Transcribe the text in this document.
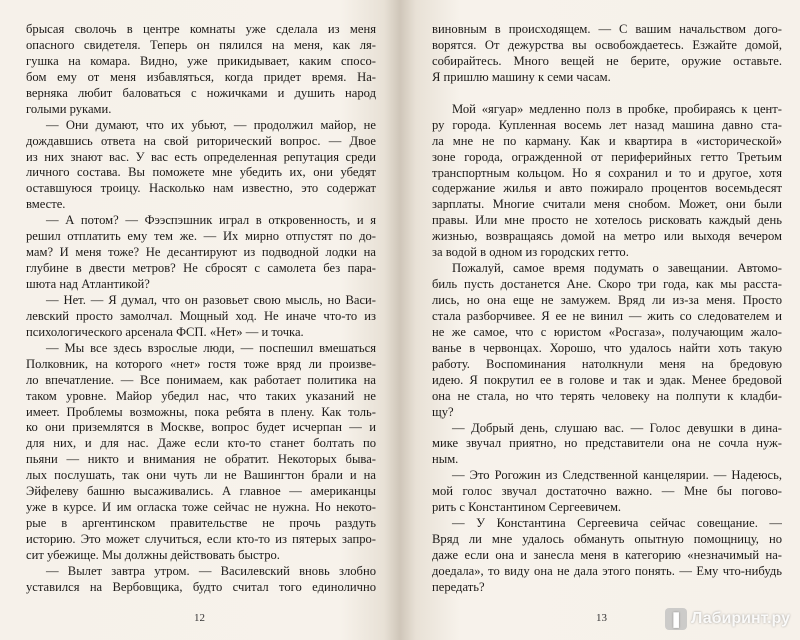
брысая сволочь в центре комнаты уже сделала из меня
опасного свидетеля. Теперь он пялился на меня, как ля-
гушка на комара. Видно, уже прикидывает, каким спосо-
бом ему от меня избавляться, когда придет время. На-
верняка любит баловаться с ножичками и душить народ
голыми руками.
— Они думают, что их убьют, — продолжил майор, не
дождавшись ответа на свой риторический вопрос. — Двое
из них знают вас. У вас есть определенная репутация среди
личного состава. Вы поможете мне убедить их, они убедят
оставшуюся троицу. Насколько нам известно, это содержат
вместе.
— А потом? — Фээспэшник играл в откровенность, и я
решил отплатить ему тем же. — Их мирно отпустят по до-
мам? И меня тоже? Не десантируют из подводной лодки на
глубине в двести метров? Не сбросят с самолета без пара-
шюта над Атлантикой?
— Нет. — Я думал, что он разовьет свою мысль, но Васи-
левский просто замолчал. Мощный ход. Не иначе что-то из
психологического арсенала ФСП. «Нет» — и точка.
— Мы все здесь взрослые люди, — поспешил вмешаться
Полковник, на которого «нет» гостя тоже вряд ли произве-
ло впечатление. — Все понимаем, как работает политика на
таком уровне. Майор убедил нас, что таких указаний не
имеет. Проблемы возможны, пока ребята в плену. Как толь-
ко они приземлятся в Москве, вопрос будет исчерпан — и
для них, и для нас. Даже если кто-то станет болтать по
пьяни — никто и внимания не обратит. Некоторых быва-
лых послушать, так они чуть ли не Вашингтон брали и на
Эйфелеву башню высаживались. А главное — американцы
уже в курсе. И им огласка тоже сейчас не нужна. Но некото-
рые в аргентинском правительстве не прочь раздуть
историю. Это может случиться, если кто-то из пятерых запро-
сит убежище. Мы должны действовать быстро.
— Вылет завтра утром. — Василевский вновь злобно
уставился на Вербовщика, будто считал того единолично
12
виновным в происходящем. — С вашим начальством дого-
ворятся. От дежурства вы освобождаетесь. Езжайте домой,
собирайтесь. Много вещей не берите, оружие оставьте.
Я пришлю машину к семи часам.
Мой «ягуар» медленно полз в пробке, пробираясь к цент-
ру города. Купленная восемь лет назад машина давно ста-
ла мне не по карману. Как и квартира в «исторической»
зоне города, огражденной от периферийных гетто Третьим
транспортным кольцом. Но я сохранил и то и другое, хотя
содержание жилья и авто пожирало процентов восемьдесят
зарплаты. Многие считали меня снобом. Может, они были
правы. Или мне просто не хотелось рисковать каждый день
жизнью, возвращаясь домой на метро или выходя вечером
за водой в одном из городских гетто.
Пожалуй, самое время подумать о завещании. Автомо-
биль пусть достанется Ане. Скоро три года, как мы расста-
лись, но она еще не замужем. Вряд ли из-за меня. Просто
стала разборчивее. Я ее не винил — жить со следователем и
не же самое, что с юристом «Росгаза», получающим жало-
ванье в червонцах. Хорошо, что удалось найти хоть такую
работу. Воспоминания натолкнули меня на бредовую
идею. Я покрутил ее в голове и так и эдак. Менее бредовой
она не стала, но что терять человеку на полпути к кладби-
щу?
— Добрый день, слушаю вас. — Голос девушки в дина-
мике звучал приятно, но представители она не сочла нуж-
ным.
— Это Рогожин из Следственной канцелярии. — Надеюсь,
мой голос звучал достаточно важно. — Мне бы погово-
рить с Константином Сергеевичем.
— У Константина Сергеевича сейчас совещание. —
Вряд ли мне удалось обмануть опытную помощницу, но
даже если она и занесла меня в категорию «незначимый на-
доедала», то виду она не дала этого понять. — Ему что-нибудь
передать?
13	❚ Лабиринт.ру
